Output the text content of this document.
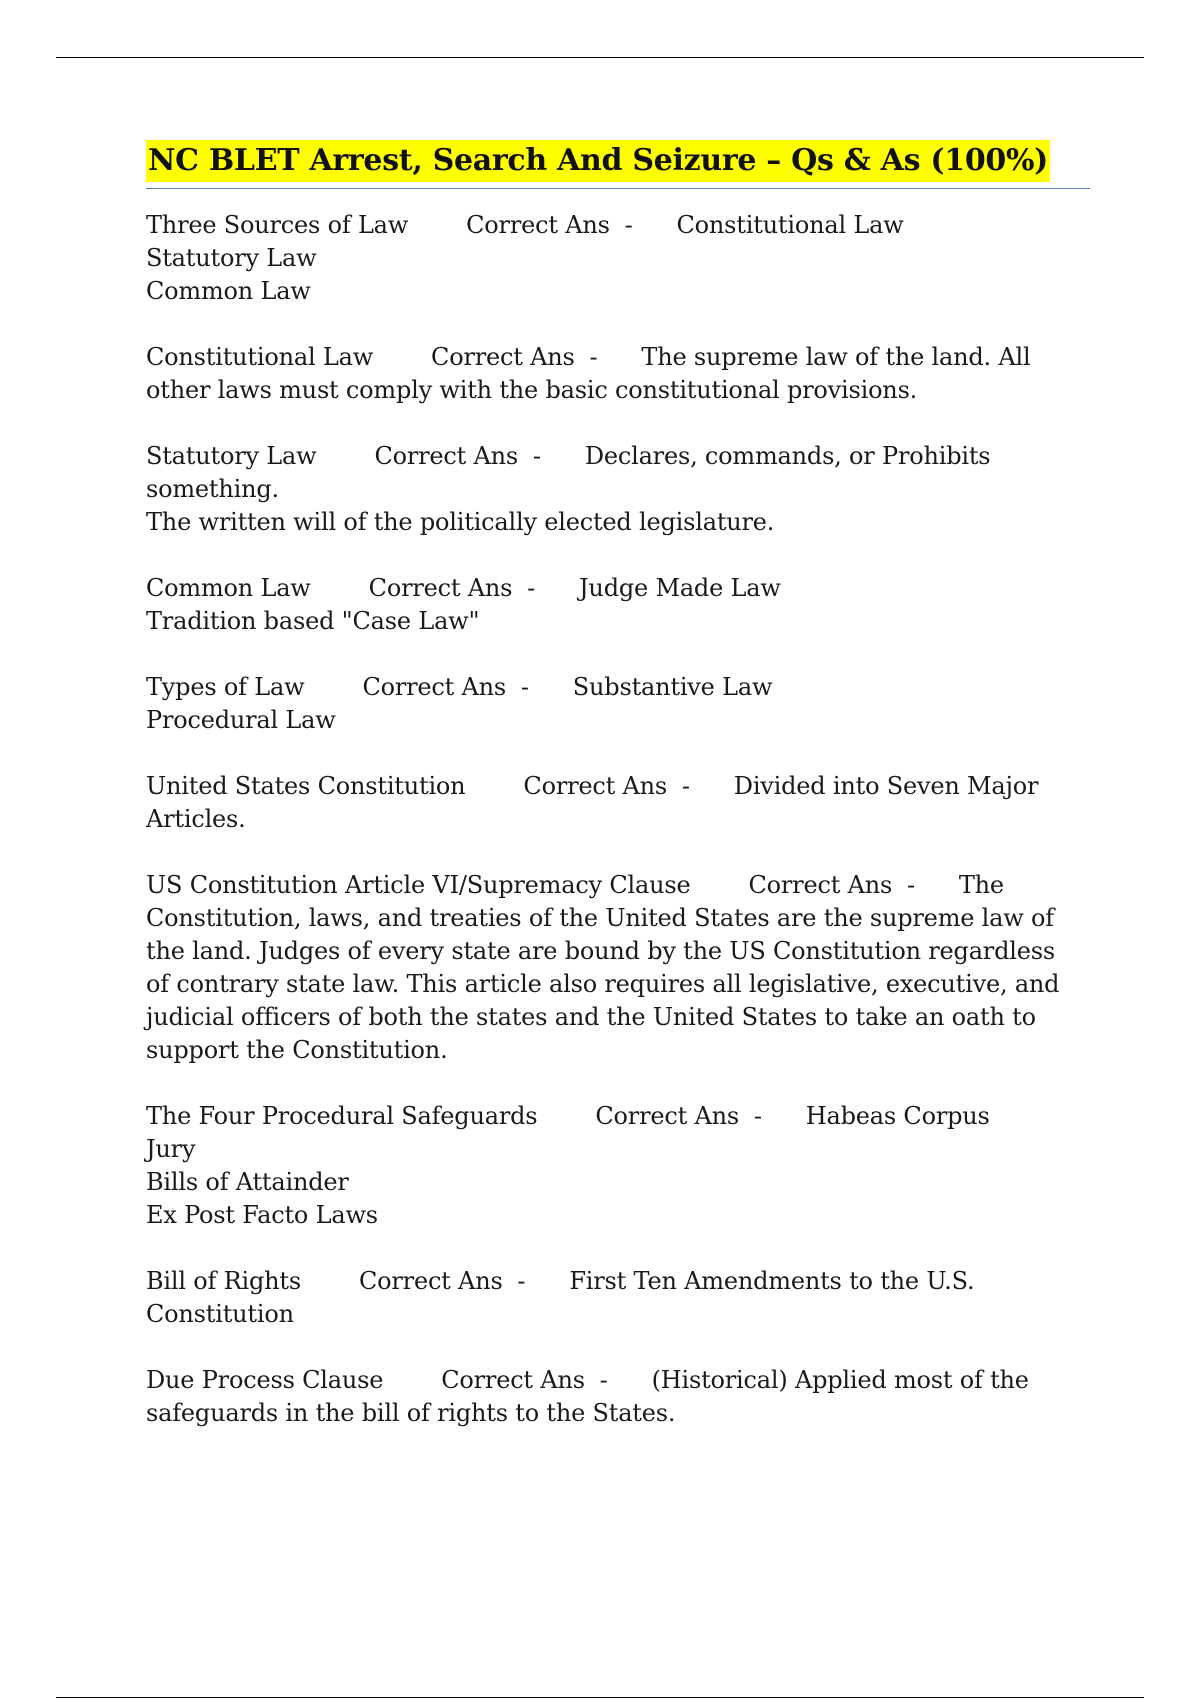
NC BLET Arrest, Search And Seizure – Qs & As (100%)
Three Sources of Law Correct Ans  - Constitutional Law
Statutory Law
Common Law
Constitutional Law Correct Ans  - The supreme law of the land. All
other laws must comply with the basic constitutional provisions.
Statutory Law Correct Ans  - Declares, commands, or Prohibits
something.
The written will of the politically elected legislature.
Common Law Correct Ans  - Judge Made Law
Tradition based "Case Law"
Types of Law Correct Ans  - Substantive Law
Procedural Law
United States Constitution Correct Ans  - Divided into Seven Major
Articles.
US Constitution Article VI/Supremacy Clause Correct Ans  - The
Constitution, laws, and treaties of the United States are the supreme law of
the land. Judges of every state are bound by the US Constitution regardless
of contrary state law. This article also requires all legislative, executive, and
judicial officers of both the states and the United States to take an oath to
support the Constitution.
The Four Procedural Safeguards Correct Ans  - Habeas Corpus
Jury
Bills of Attainder
Ex Post Facto Laws
Bill of Rights Correct Ans  - First Ten Amendments to the U.S.
Constitution
Due Process Clause Correct Ans  - (Historical) Applied most of the
safeguards in the bill of rights to the States.
